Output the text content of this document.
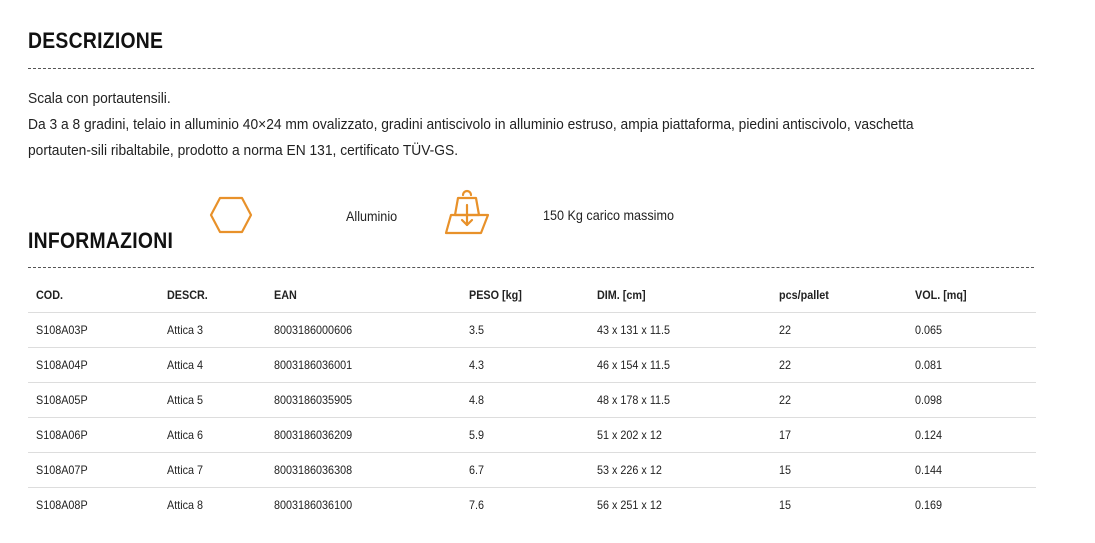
DESCRIZIONE

Scala con portautensili.

Da 3 a 8 gradini, telaio in alluminio 40×24 mm ovalizzato, gradini antiscivolo in alluminio estruso, ampia piattaforma, piedini antiscivolo, vaschetta portauten-sili ribaltabile, prodotto a norma EN 131, certificato TÜV-GS.

INFORMAZIONI
Alluminio	150 Kg carico massimo
COD.	DESCR.	EAN	PESO [kg]	DIM. [cm]	pcs/pallet	VOL. [mq]
S108A03P	Attica 3	8003186000606	3.5	43 x 131 x 11.5	22	0.065
S108A04P	Attica 4	8003186036001	4.3	46 x 154 x 11.5	22	0.081
S108A05P	Attica 5	8003186035905	4.8	48 x 178 x 11.5	22	0.098
S108A06P	Attica 6	8003186036209	5.9	51 x 202 x 12	17	0.124
S108A07P	Attica 7	8003186036308	6.7	53 x 226 x 12	15	0.144
S108A08P	Attica 8	8003186036100	7.6	56 x 251 x 12	15	0.169
